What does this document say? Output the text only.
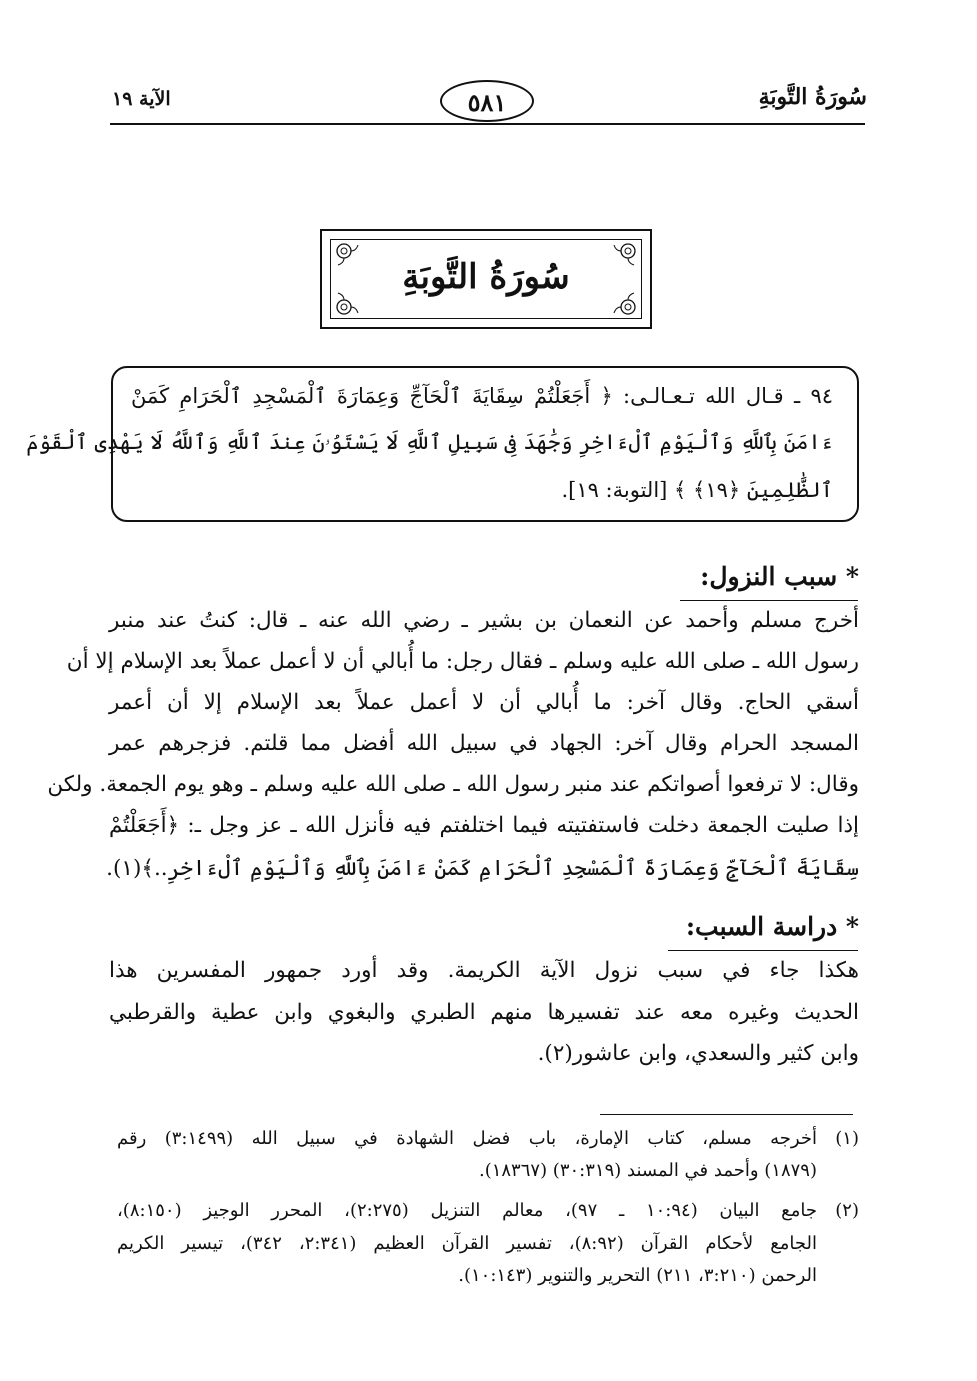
الآية ١٩	٥٨١	سُورَةُ التَّوبَةِ
سُورَةُ التَّوبَةِ
٩٤ ـ قـال الله تـعـالـى: ﴿ أَجَعَلْتُمْ سِقَايَةَ ٱلْحَآجِّ وَعِمَارَةَ ٱلْمَسْجِدِ ٱلْحَرَامِ كَمَنْ
ءَامَنَ بِٱللَّهِ وَٱلْيَوْمِ ٱلْءَاخِرِ وَجَٰهَدَ فِى سَبِيلِ ٱللَّهِ لَا يَسْتَوُۥنَ عِندَ ٱللَّهِ وَٱللَّهُ لَا يَهْدِى ٱلْقَوْمَ
ٱلظَّٰلِمِينَ ﴿١٩﴾ ﴾ [التوبة: ١٩].
* سبب النزول:
أخرج مسلم وأحمد عن النعمان بن بشير ـ رضي الله عنه ـ قال: كنتُ عند منبر
رسول الله ـ صلى الله عليه وسلم ـ فقال رجل: ما أُبالي أن لا أعمل عملاً بعد الإسلام إلا أن
أسقي الحاج. وقال آخر: ما أُبالي أن لا أعمل عملاً بعد الإسلام إلا أن أعمر
المسجد الحرام وقال آخر: الجهاد في سبيل الله أفضل مما قلتم. فزجرهم عمر
وقال: لا ترفعوا أصواتكم عند منبر رسول الله ـ صلى الله عليه وسلم ـ وهو يوم الجمعة. ولكن
إذا صليت الجمعة دخلت فاستفتيته فيما اختلفتم فيه فأنزل الله ـ عز وجل ـ: ﴿أَجَعَلْتُمْ
سِقَايَةَ ٱلْحَآجِّ وَعِمَارَةَ ٱلْمَسْجِدِ ٱلْحَرَامِ كَمَنْ ءَامَنَ بِٱللَّهِ وَٱلْيَوْمِ ٱلْءَاخِرِ..﴾(١).
* دراسة السبب:
هكذا جاء في سبب نزول الآية الكريمة. وقد أورد جمهور المفسرين هذا
الحديث وغيره معه عند تفسيرها منهم الطبري والبغوي وابن عطية والقرطبي
وابن كثير والسعدي، وابن عاشور(٢).
(١)
أخرجه مسلم، كتاب الإمارة، باب فضل الشهادة في سبيل الله (٣:١٤٩٩) رقم
(١٨٧٩) وأحمد في المسند (٣٠:٣١٩) (١٨٣٦٧).
(٢)
جامع البيان (١٠:٩٤ ـ ٩٧)، معالم التنزيل (٢:٢٧٥)، المحرر الوجيز (٨:١٥٠)،
الجامع لأحكام القرآن (٨:٩٢)، تفسير القرآن العظيم (٢:٣٤١، ٣٤٢)، تيسير الكريم
الرحمن (٣:٢١٠، ٢١١) التحرير والتنوير (١٠:١٤٣).
